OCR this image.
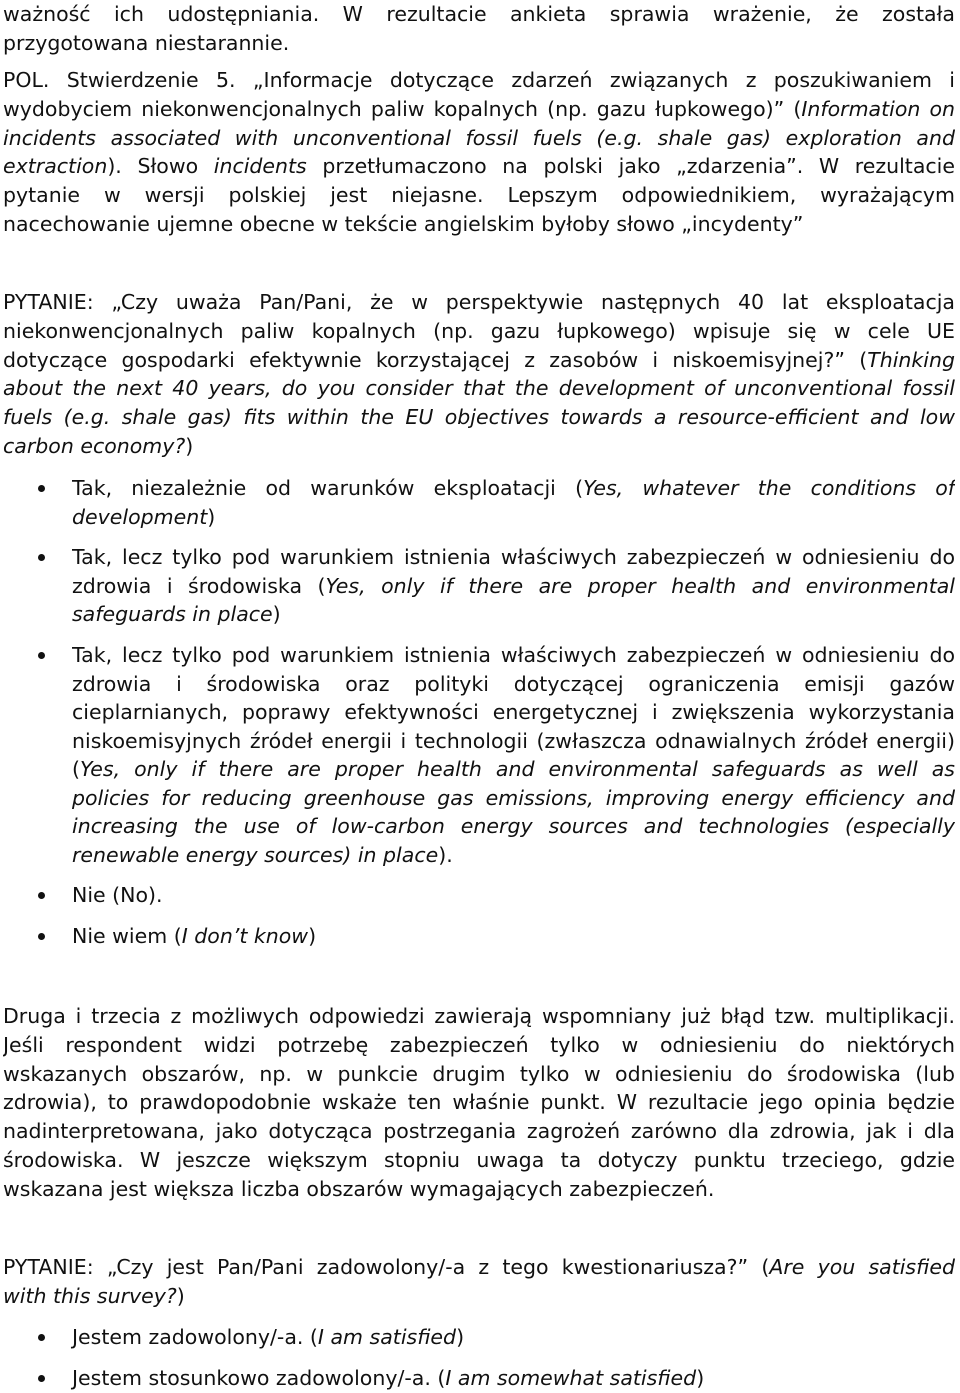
ważność ich udostępniania. W rezultacie ankieta sprawia wrażenie, że została
przygotowana niestarannie.
POL. Stwierdzenie 5. „Informacje dotyczące zdarzeń związanych z poszukiwaniem i
wydobyciem niekonwencjonalnych paliw kopalnych (np. gazu łupkowego)” (Information on
incidents associated with unconventional fossil fuels (e.g. shale gas) exploration and
extraction). Słowo incidents przetłumaczono na polski jako „zdarzenia”. W rezultacie
pytanie w wersji polskiej jest niejasne. Lepszym odpowiednikiem, wyrażającym
nacechowanie ujemne obecne w tekście angielskim byłoby słowo „incydenty”
PYTANIE: „Czy uważa Pan/Pani, że w perspektywie następnych 40 lat eksploatacja
niekonwencjonalnych paliw kopalnych (np. gazu łupkowego) wpisuje się w cele UE
dotyczące gospodarki efektywnie korzystającej z zasobów i niskoemisyjnej?” (Thinking
about the next 40 years, do you consider that the development of unconventional fossil
fuels (e.g. shale gas) fits within the EU objectives towards a resource-efficient and low
carbon economy?)
Tak, niezależnie od warunków eksploatacji (Yes, whatever the conditions of
development)
Tak, lecz tylko pod warunkiem istnienia właściwych zabezpieczeń w odniesieniu do
zdrowia i środowiska (Yes, only if there are proper health and environmental
safeguards in place)
Tak, lecz tylko pod warunkiem istnienia właściwych zabezpieczeń w odniesieniu do
zdrowia i środowiska oraz polityki dotyczącej ograniczenia emisji gazów
cieplarnianych, poprawy efektywności energetycznej i zwiększenia wykorzystania
niskoemisyjnych źródeł energii i technologii (zwłaszcza odnawialnych źródeł energii)
(Yes, only if there are proper health and environmental safeguards as well as
policies for reducing greenhouse gas emissions, improving energy efficiency and
increasing the use of low-carbon energy sources and technologies (especially
renewable energy sources) in place).
Nie (No).
Nie wiem (I don’t know)
Druga i trzecia z możliwych odpowiedzi zawierają wspomniany już błąd tzw. multiplikacji.
Jeśli respondent widzi potrzebę zabezpieczeń tylko w odniesieniu do niektórych
wskazanych obszarów, np. w punkcie drugim tylko w odniesieniu do środowiska (lub
zdrowia), to prawdopodobnie wskaże ten właśnie punkt. W rezultacie jego opinia będzie
nadinterpretowana, jako dotycząca postrzegania zagrożeń zarówno dla zdrowia, jak i dla
środowiska. W jeszcze większym stopniu uwaga ta dotyczy punktu trzeciego, gdzie
wskazana jest większa liczba obszarów wymagających zabezpieczeń.
PYTANIE: „Czy jest Pan/Pani zadowolony/-a z tego kwestionariusza?” (Are you satisfied
with this survey?)
Jestem zadowolony/-a. (I am satisfied)
Jestem stosunkowo zadowolony/-a. (I am somewhat satisfied)
